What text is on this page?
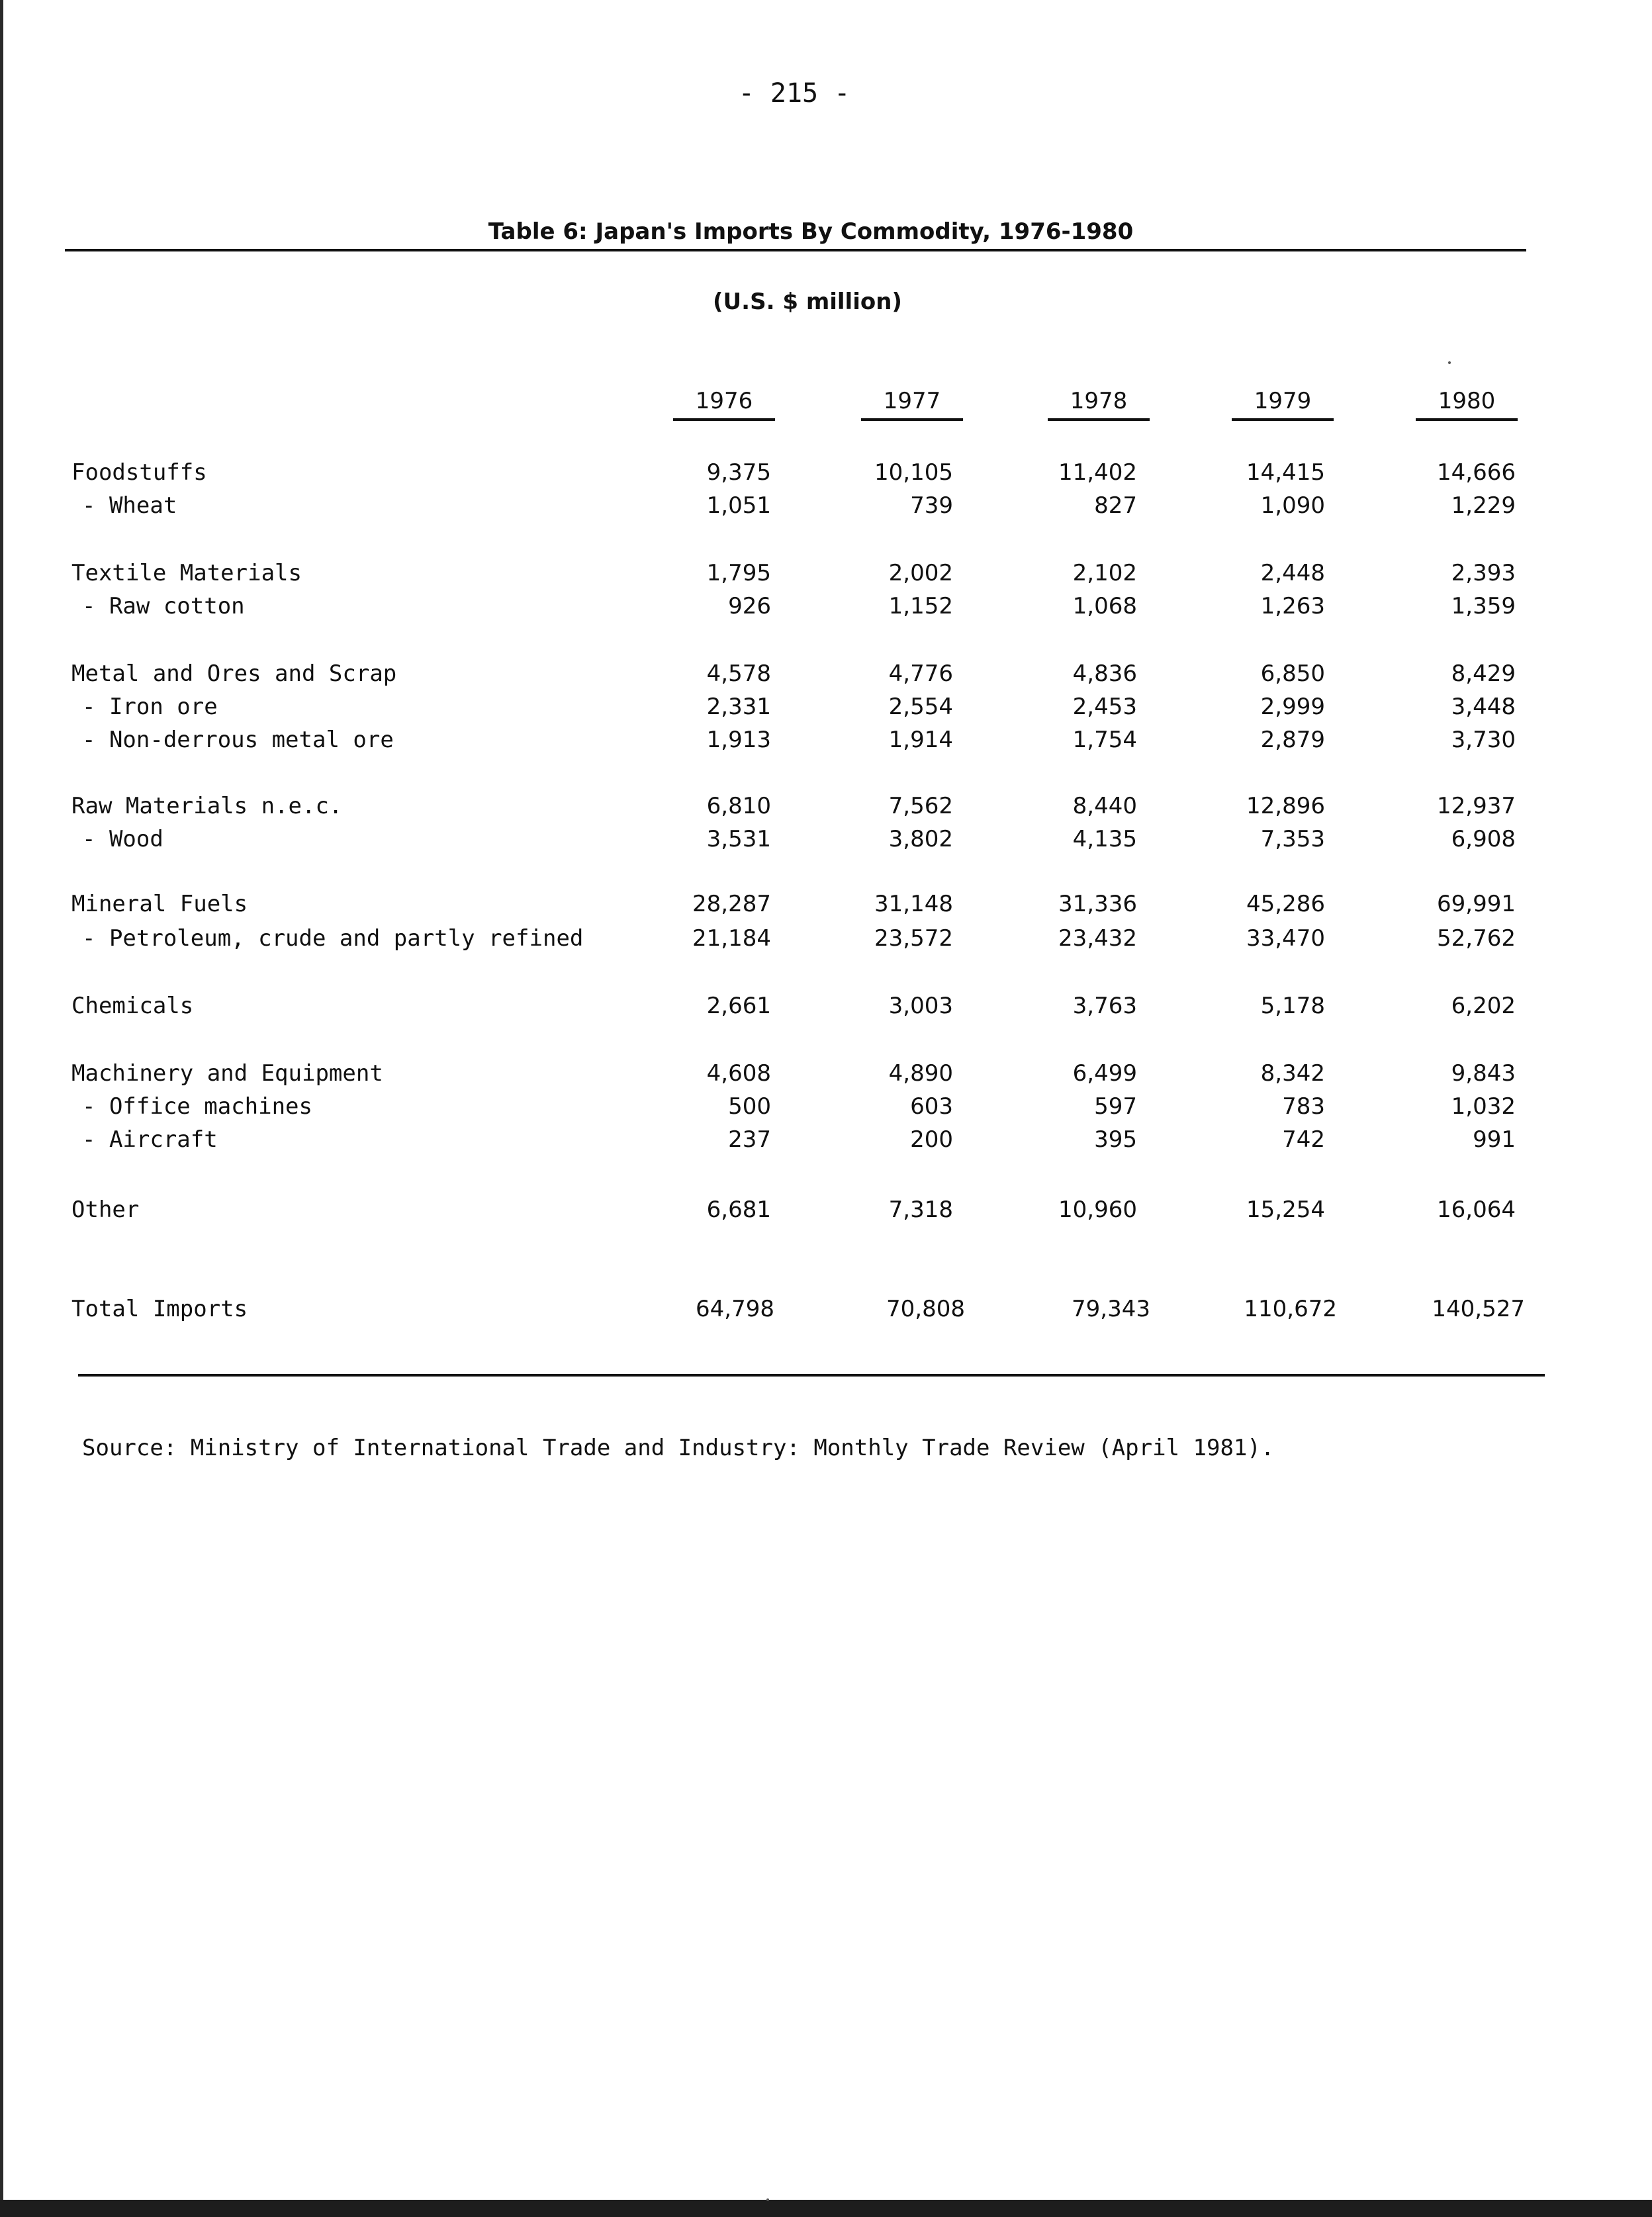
- 215 -
Table 6: Japan's Imports By Commodity, 1976-1980
(U.S. $ million)
1976	1977	1978	1979	1980
Foodstuffs	9,375	10,105	11,402	14,415	14,666
- Wheat	1,051	739	827	1,090	1,229
Textile Materials	1,795	2,002	2,102	2,448	2,393
- Raw cotton	926	1,152	1,068	1,263	1,359
Metal and Ores and Scrap	4,578	4,776	4,836	6,850	8,429
- Iron ore	2,331	2,554	2,453	2,999	3,448
- Non-derrous metal ore	1,913	1,914	1,754	2,879	3,730
Raw Materials n.e.c.	6,810	7,562	8,440	12,896	12,937
- Wood	3,531	3,802	4,135	7,353	6,908
Mineral Fuels	28,287	31,148	31,336	45,286	69,991
- Petroleum, crude and partly refined	21,184	23,572	23,432	33,470	52,762
Chemicals	2,661	3,003	3,763	5,178	6,202
Machinery and Equipment	4,608	4,890	6,499	8,342	9,843
- Office machines	500	603	597	783	1,032
- Aircraft	237	200	395	742	991
Other	6,681	7,318	10,960	15,254	16,064
Total Imports	64,798	70,808	79,343	110,672	140,527
Source: Ministry of International Trade and Industry: Monthly Trade Review (April 1981).
